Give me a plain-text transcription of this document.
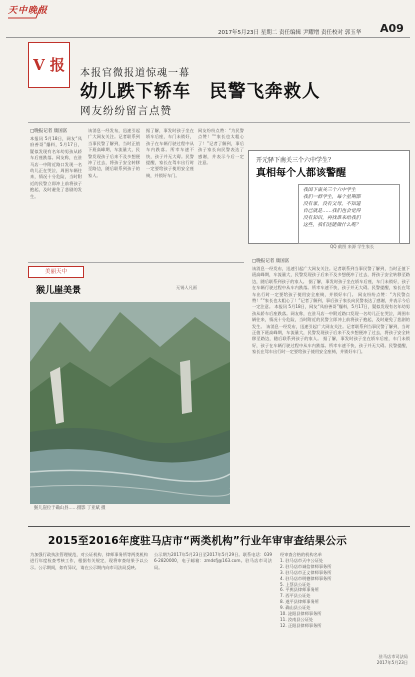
天中晚报
2017年5月23日 星期二 责任编辑 尹耀增 责任校对 郭玉华 A09
V 报	本报官微报道惊魂一幕
幼儿跌下轿车　民警飞奔救人
网友纷纷留言点赞
□晚报记者 康国富
本报讯 5月18日，网友“凤府善哥”爆料，5月17日，疑似发现有名年幼男孩从轿车后座跌落。网友称，在驻马店一中附近路口发现一名幼儿正在哭泣，周围车辆往来，情况十分危险，当时附近的民警立即冲上前将孩子抱起，及时避免了悲剧的发生。
该消息一经发布，迅速引起广大网友关注。记者联系到当事民警了解到，当时正值下班高峰期，车流量大，民警发现孩子后来不及多想便冲了过去，将孩子安全转移至路边，随后联系到孩子的家人。
据了解，事发时孩子坐在轿车后座，车门未锁好，孩子在车辆行驶过程中从车内跌落。所幸车速不快，孩子并无大碍。民警提醒，家长在驾车出行时一定要给孩子使用安全座椅，并锁好车门。
网友纷纷点赞：“为民警点赞！”“家长也太粗心了！”记者了解到，事后孩子家长向民警表达了感谢，并表示今后一定注意。	开元驿下南关三个六中学生？
真相每个人都该警醒
我国下南关三个六中学生
我们一群学生，每个星期都
没有家，没有父母，不知道
自己就是……我们也会觉得
没有知识，再找谁来给我们
这些，我们还能做什么呢？
QQ 截图 来源 学生家长
□晚报记者 康国富
该消息一经发布，迅速引起广大网友关注。记者联系到当事民警了解到，当时正值下班高峰期，车流量大，民警发现孩子后来不及多想便冲了过去，将孩子安全转移至路边，随后联系到孩子的家人。 据了解，事发时孩子坐在轿车后座，车门未锁好，孩子在车辆行驶过程中从车内跌落。所幸车速不快，孩子并无大碍。民警提醒，家长在驾车出行时一定要给孩子使用安全座椅，并锁好车门。 网友纷纷点赞：“为民警点赞！”“家长也太粗心了！”记者了解到，事后孩子家长向民警表达了感谢，并表示今后一定注意。 本报讯 5月18日，网友“凤府善哥”爆料，5月17日，疑似发现有名年幼男孩从轿车后座跌落。网友称，在驻马店一中附近路口发现一名幼儿正在哭泣，周围车辆往来，情况十分危险，当时附近的民警立即冲上前将孩子抱起，及时避免了悲剧的发生。 该消息一经发布，迅速引起广大网友关注。记者联系到当事民警了解到，当时正值下班高峰期，车流量大，民警发现孩子后来不及多想便冲了过去，将孩子安全转移至路边，随后联系到孩子的家人。 据了解，事发时孩子坐在轿车后座，车门未锁好，孩子在车辆行驶过程中从车内跌落。所幸车速不快，孩子并无大碍。民警提醒，家长在驾车出行时一定要给孩子使用安全座椅，并锁好车门。
美丽天中
猴儿崖美景	无锡人凡画
猴儿崖位于确山县……摄影 丁亚斌 摄
2015至2016年度驻马店市“两类机构”行业年审审查结果公示
为加强行政执法管理规范，对公证机构、律师事务所等两类机构进行年度检查考核工作，根据有关规定，现将审查结果予以公示。公示期间，如有异议，请在公示期内向市司法局反映。
公示期为2017年5月23日至2017年5月29日。联系电话：0396-2820000，电子邮箱：zmdsfj@163.com。驻马店市司法局。
经审查合格的机构名单
1. 驻马店市天中公证处
2. 驻马店市诚信律师事务所
3. 驻马店市正义律师事务所
4. 驻马店市明德律师事务所
5. 上蔡县公证处
6. 平舆县律师事务所
7. 西平县公证处
8. 遂平县律师事务所
9. 确山县公证处
10. 泌阳县律师事务所
11. 汝南县公证处
12. 正阳县律师事务所
驻马店市司法局
2017年5月23日
